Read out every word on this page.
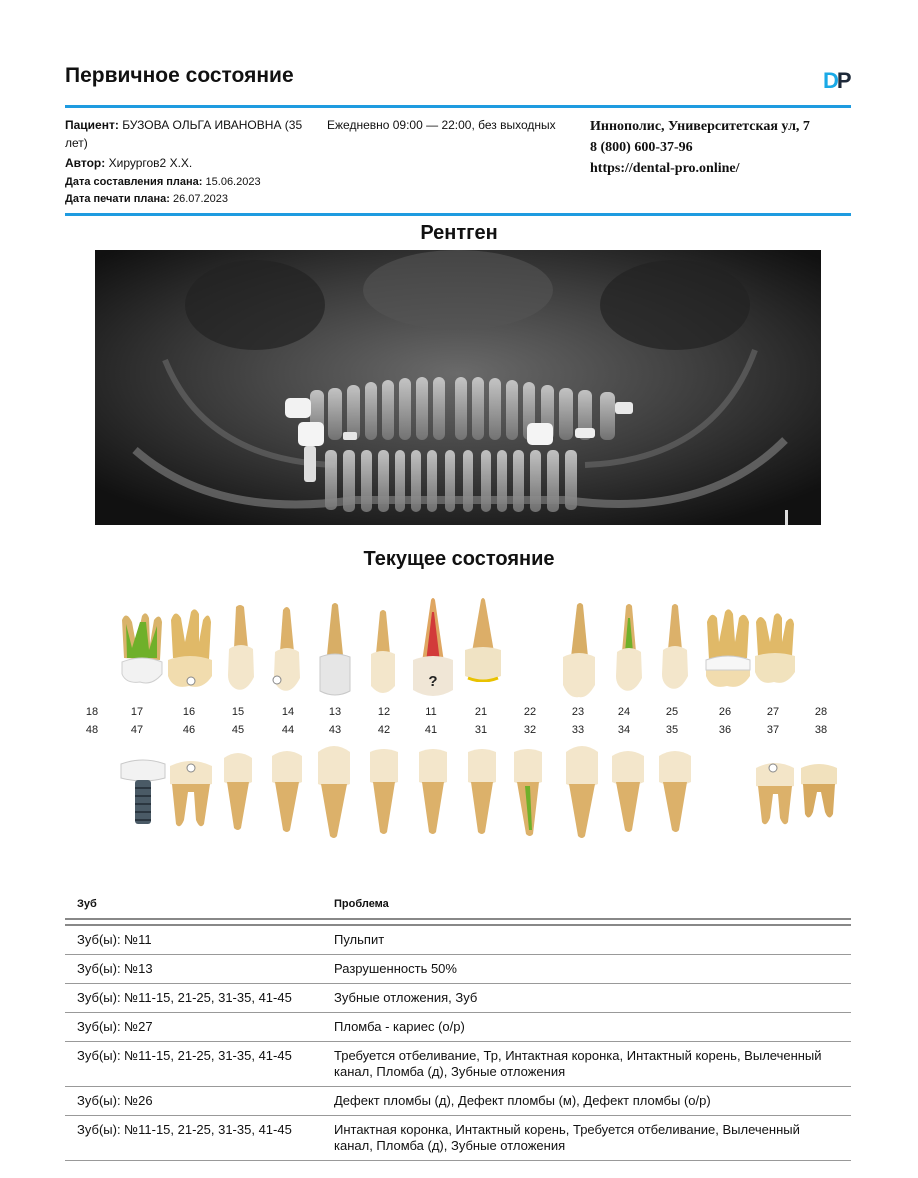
Первичное состояние	DP

Пациент: БУЗОВА ОЛЬГА ИВАНОВНА (35 лет)

Автор: Хирургов2 Х.Х.

Дата составления плана: 15.06.2023

Дата печати плана: 26.07.2023

Ежедневно 09:00 — 22:00, без выходных Иннополис, Университетская ул, 7
8 (800) 600-37-96
https://dental-pro.online/
Рентген
Текущее состояние
?
18	17	16	15	14	13	12	11	21	22	23	24	25	26	27	28
48	47	46	45	44	43	42	41	31	32	33	34	35	36	37	38
Зуб	Проблема

Зуб(ы): №11	Пульпит
Зуб(ы): №13	Разрушенность 50%
Зуб(ы): №11-15, 21-25, 31-35, 41-45	Зубные отложения, Зуб
Зуб(ы): №27	Пломба - кариес (о/р)
Зуб(ы): №11-15, 21-25, 31-35, 41-45	Требуется отбеливание, Тр, Интактная коронка, Интактный корень, Вылеченный канал, Пломба (д), Зубные отложения
Зуб(ы): №26	Дефект пломбы (д), Дефект пломбы (м), Дефект пломбы (о/р)
Зуб(ы): №11-15, 21-25, 31-35, 41-45	Интактная коронка, Интактный корень, Требуется отбеливание, Вылеченный канал, Пломба (д), Зубные отложения
